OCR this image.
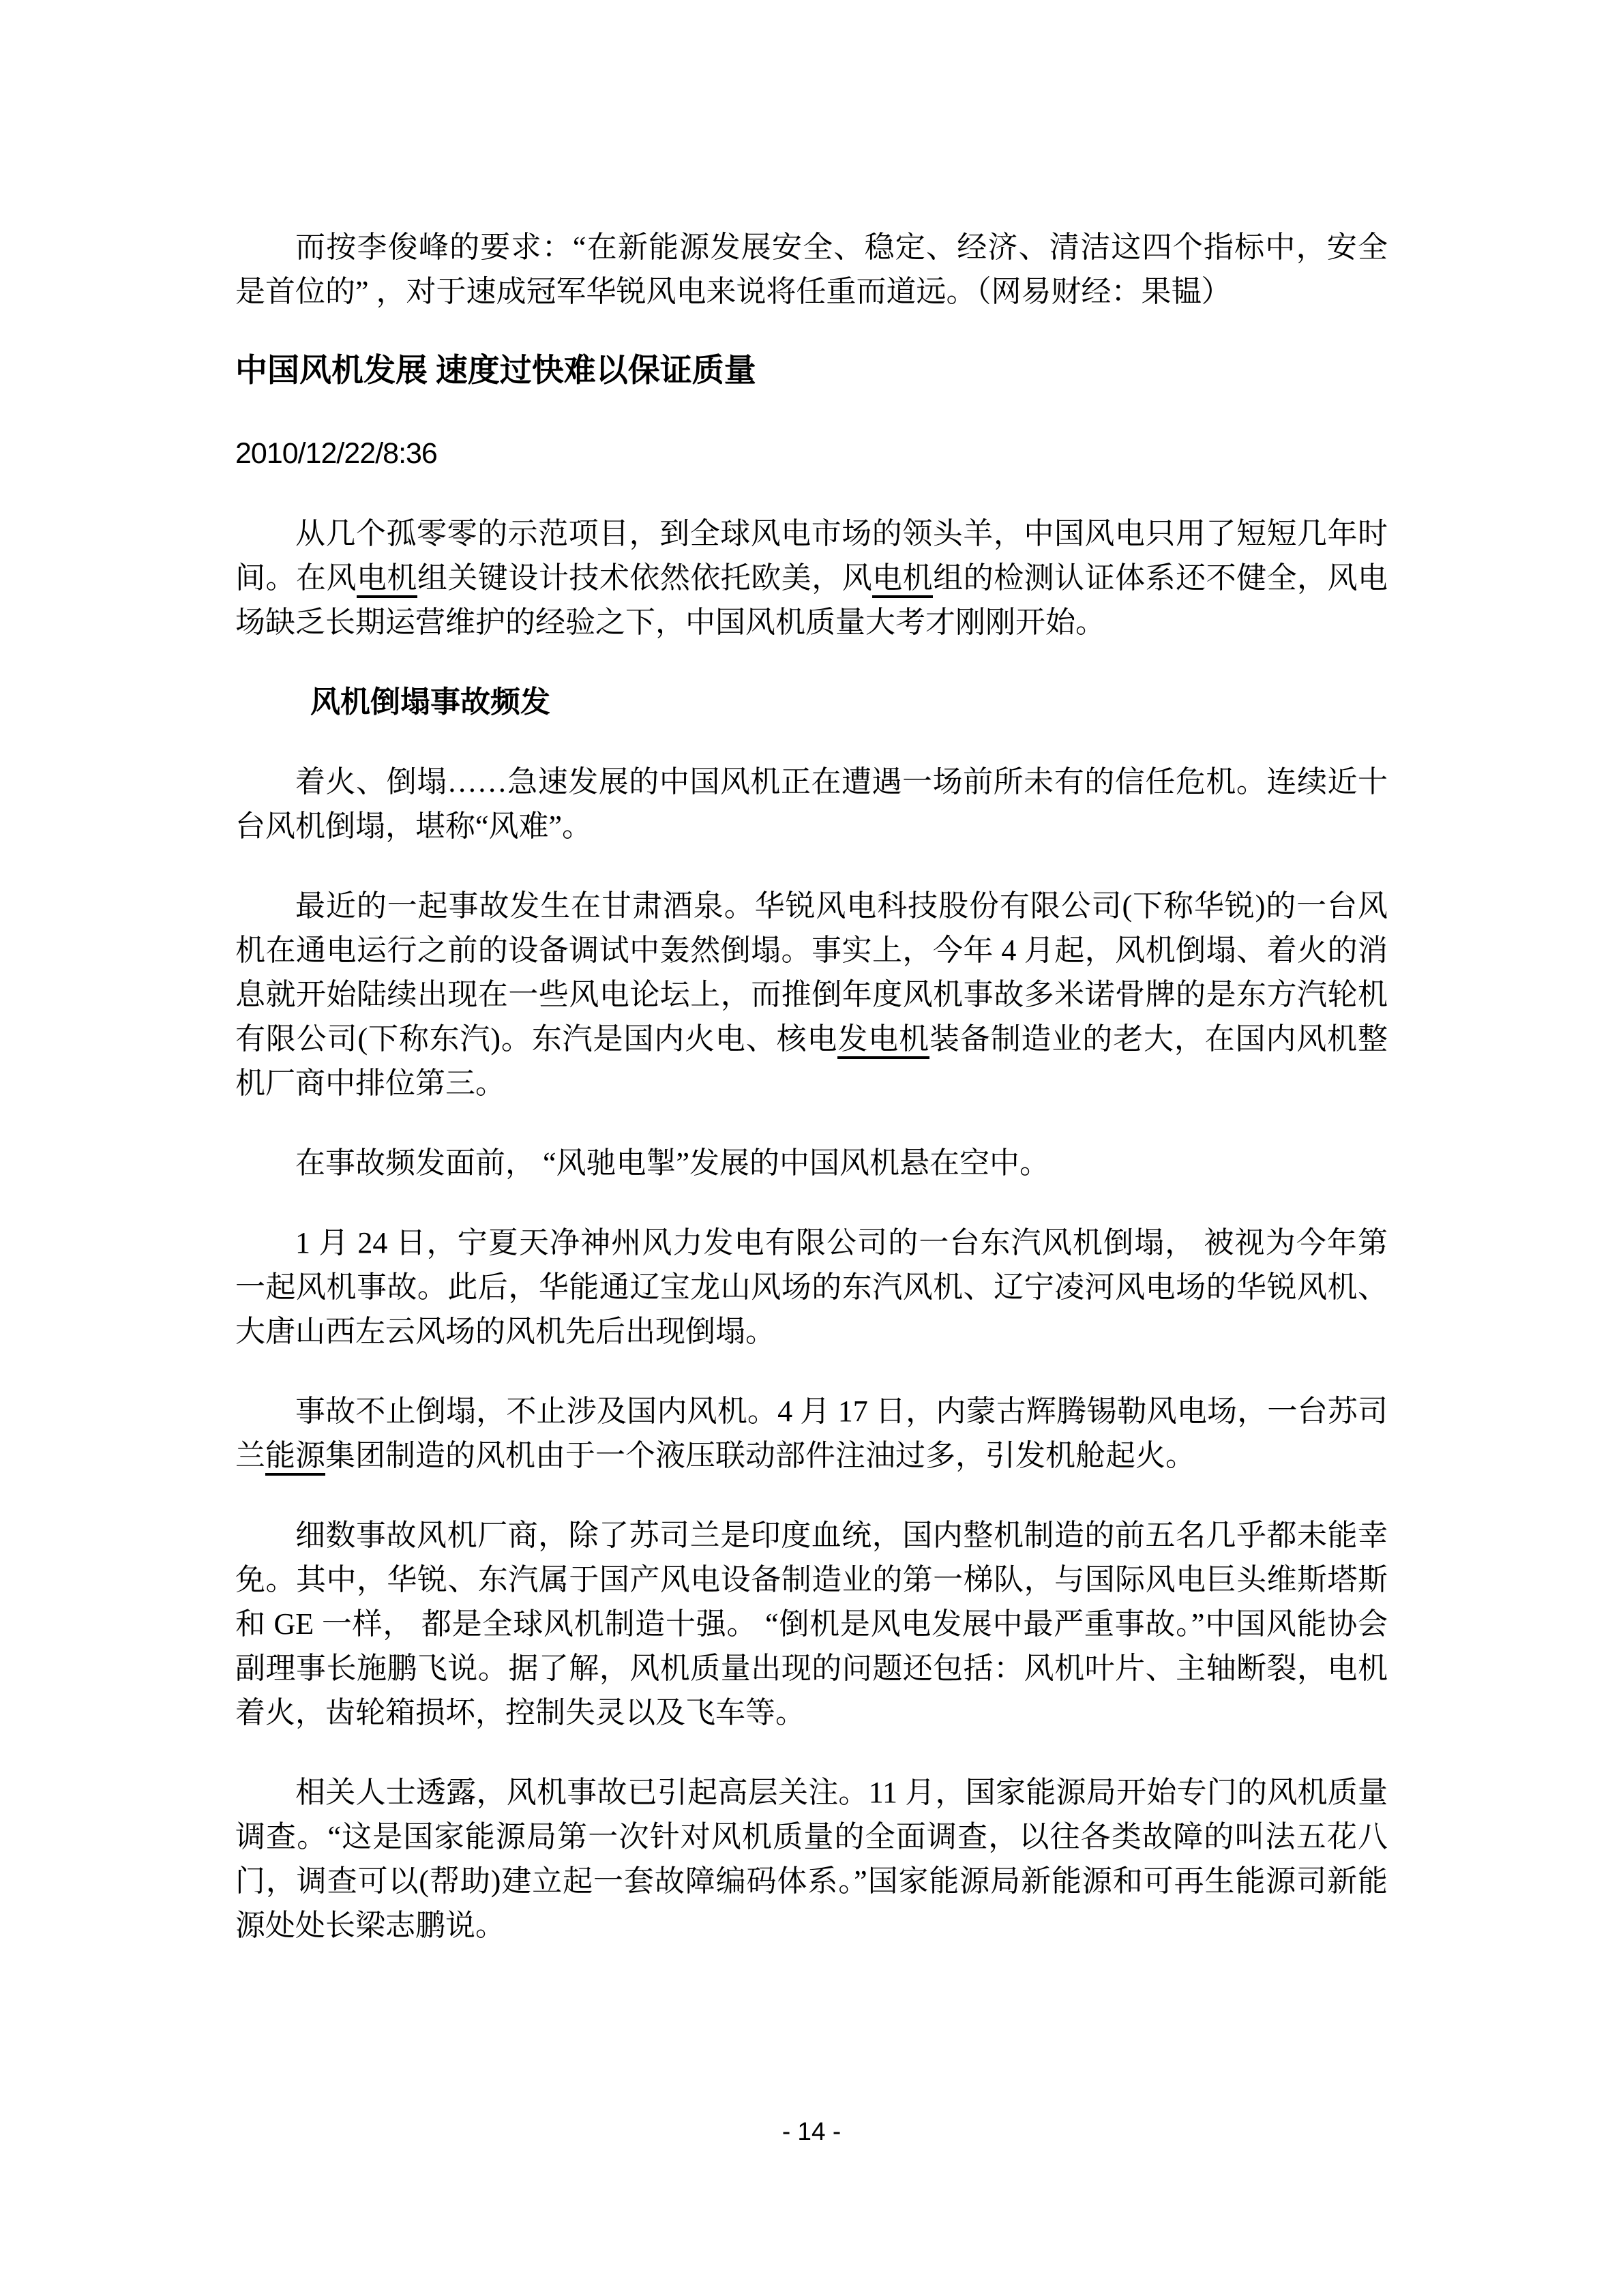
而按李俊峰的要求：“在新能源发展安全、稳定、经济、清洁这四个指标中，安全是首位的” ，对于速成冠军华锐风电来说将任重而道远。（网易财经：果韫）

中国风机发展 速度过快难以保证质量

2010/12/22/8:36

从几个孤零零的示范项目，到全球风电市场的领头羊，中国风电只用了短短几年时间。在风电机组关键设计技术依然依托欧美，风电机组的检测认证体系还不健全，风电场缺乏长期运营维护的经验之下，中国风机质量大考才刚刚开始。

风机倒塌事故频发

着火、倒塌……急速发展的中国风机正在遭遇一场前所未有的信任危机。连续近十台风机倒塌，堪称“风难”。

最近的一起事故发生在甘肃酒泉。华锐风电科技股份有限公司(下称华锐)的一台风机在通电运行之前的设备调试中轰然倒塌。事实上，今年 4 月起，风机倒塌、着火的消息就开始陆续出现在一些风电论坛上，而推倒年度风机事故多米诺骨牌的是东方汽轮机有限公司(下称东汽)。东汽是国内火电、核电发电机装备制造业的老大，在国内风机整机厂商中排位第三。

在事故频发面前， “风驰电掣”发展的中国风机悬在空中。

1 月 24 日，宁夏天净神州风力发电有限公司的一台东汽风机倒塌， 被视为今年第一起风机事故。此后，华能通辽宝龙山风场的东汽风机、辽宁凌河风电场的华锐风机、大唐山西左云风场的风机先后出现倒塌。

事故不止倒塌，不止涉及国内风机。4 月 17 日，内蒙古辉腾锡勒风电场，一台苏司兰能源集团制造的风机由于一个液压联动部件注油过多，引发机舱起火。

细数事故风机厂商，除了苏司兰是印度血统，国内整机制造的前五名几乎都未能幸免。其中，华锐、东汽属于国产风电设备制造业的第一梯队，与国际风电巨头维斯塔斯和 GE 一样， 都是全球风机制造十强。 “倒机是风电发展中最严重事故。”中国风能协会副理事长施鹏飞说。据了解，风机质量出现的问题还包括：风机叶片、主轴断裂，电机着火，齿轮箱损坏，控制失灵以及飞车等。

相关人士透露，风机事故已引起高层关注。11 月，国家能源局开始专门的风机质量调查。“这是国家能源局第一次针对风机质量的全面调查，以往各类故障的叫法五花八门，调查可以(帮助)建立起一套故障编码体系。”国家能源局新能源和可再生能源司新能源处处长梁志鹏说。

- 14 -
